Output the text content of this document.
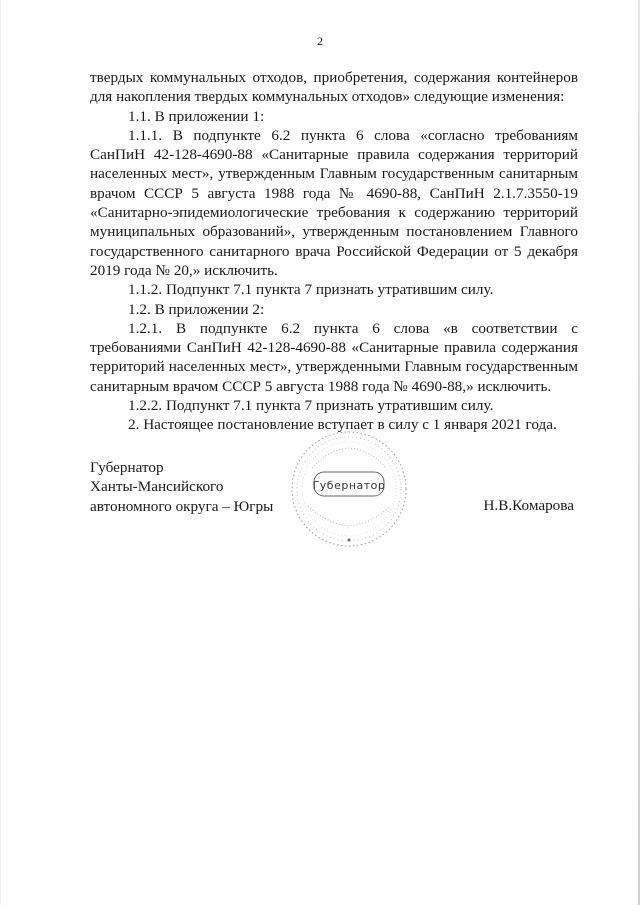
2

твердых коммунальных отходов, приобретения, содержания контейнеров для накопления твердых коммунальных отходов» следующие изменения:

1.1. В приложении 1:

1.1.1. В подпункте 6.2 пункта 6 слова «согласно требованиям СанПиН 42-128-4690-88 «Санитарные правила содержания территорий населенных мест», утвержденным Главным государственным санитарным врачом СССР 5 августа 1988 года № 4690-88, СанПиН 2.1.7.3550-19 «Санитарно-эпидемиологические требования к содержанию территорий муниципальных образований», утвержденным постановлением Главного государственного санитарного врача Российской Федерации от 5 декабря 2019 года № 20,» исключить.

1.1.2. Подпункт 7.1 пункта 7 признать утратившим силу.

1.2. В приложении 2:

1.2.1. В подпункте 6.2 пункта 6 слова «в соответствии с требованиями СанПиН 42-128-4690-88 «Санитарные правила содержания территорий населенных мест», утвержденными Главным государственным санитарным врачом СССР 5 августа 1988 года № 4690-88,» исключить.

1.2.2. Подпункт 7.1 пункта 7 признать утратившим силу.

2. Настоящее постановление вступает в силу с 1 января 2021 года.

Губернатор
Ханты-Мансийского
автономного округа – Югры
Губернатор
Н.В.Комарова
